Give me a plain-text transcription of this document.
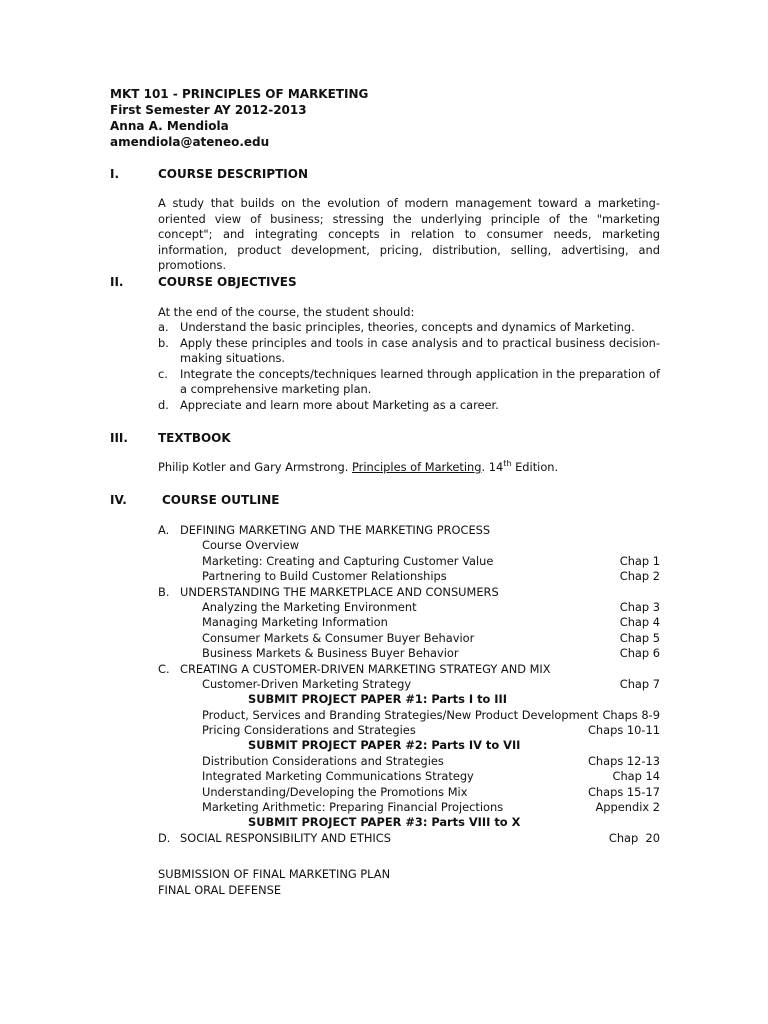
MKT 101 - PRINCIPLES OF MARKETING
First Semester AY 2012-2013
Anna A. Mendiola
amendiola@ateneo.edu
I.	COURSE DESCRIPTION
A study that builds on the evolution of modern management toward a marketing-oriented view of business; stressing the underlying principle of the "marketing concept"; and integrating concepts in relation to consumer needs, marketing information, product development, pricing, distribution, selling, advertising, and promotions.
II.	COURSE OBJECTIVES
At the end of the course, the student should:
a. Understand the basic principles, theories, concepts and dynamics of Marketing.
b. Apply these principles and tools in case analysis and to practical business decision-making situations.
c.	Integrate the concepts/techniques learned through application in the preparation of a comprehensive marketing plan.
d. Appreciate and learn more about Marketing as a career.
III.	TEXTBOOK
Philip Kotler and Gary Armstrong. Principles of Marketing. 14th Edition.
IV.	COURSE OUTLINE
A. DEFINING MARKETING AND THE MARKETING PROCESS
Course Overview
Marketing: Creating and Capturing Customer Value	Chap 1
Partnering to Build Customer Relationships	Chap 2
B. UNDERSTANDING THE MARKETPLACE AND CONSUMERS
Analyzing the Marketing Environment	Chap 3
Managing Marketing Information	Chap 4
Consumer Markets & Consumer Buyer Behavior	Chap 5
Business Markets & Business Buyer Behavior	Chap 6
C. CREATING A CUSTOMER-DRIVEN MARKETING STRATEGY AND MIX
Customer-Driven Marketing Strategy	Chap 7
SUBMIT PROJECT PAPER #1: Parts I to III
Product, Services and Branding Strategies/New Product Development Chaps 8-9
Pricing Considerations and Strategies	Chaps 10-11
SUBMIT PROJECT PAPER #2: Parts IV to VII
Distribution Considerations and Strategies	Chaps 12-13
Integrated Marketing Communications Strategy	Chap 14
Understanding/Developing the Promotions Mix	Chaps 15-17
Marketing Arithmetic: Preparing Financial Projections	Appendix 2
SUBMIT PROJECT PAPER #3: Parts VIII to X
D. SOCIAL RESPONSIBILITY AND ETHICS	Chap  20
SUBMISSION OF FINAL MARKETING PLAN
FINAL ORAL DEFENSE
